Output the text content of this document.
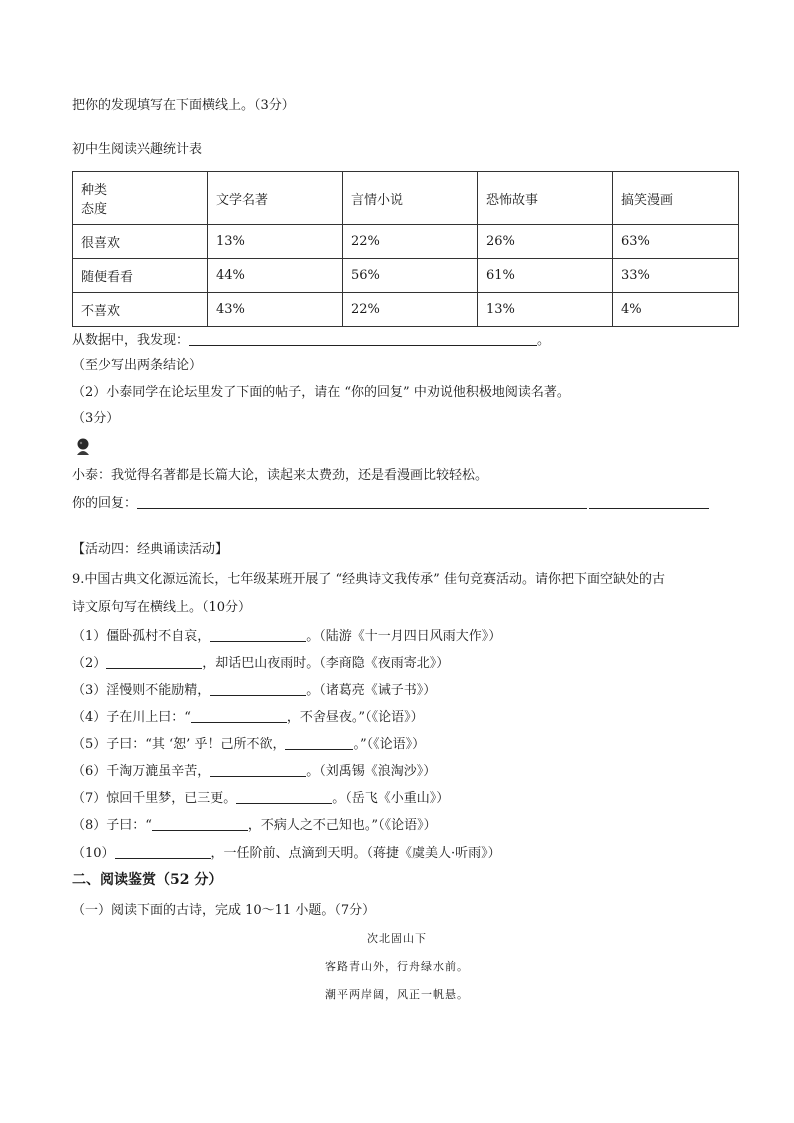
把你的发现填写在下面横线上。（3分）
初中生阅读兴趣统计表
种类
态度	文学名著	言情小说	恐怖故事	搞笑漫画
很喜欢	13%	22%	26%	63%
随便看看	44%	56%	61%	33%
不喜欢	43%	22%	13%	4%
从数据中，我发现：	。
（至少写出两条结论）
（2）小泰同学在论坛里发了下面的帖子，请在 “你的回复” 中劝说他积极地阅读名著。
（3分）
小泰：我觉得名著都是长篇大论，读起来太费劲，还是看漫画比较轻松。
你的回复：
【活动四：经典诵读活动】
9.中国古典文化源远流长，七年级某班开展了 “经典诗文我传承” 佳句竞赛活动。请你把下面空缺处的古
诗文原句写在横线上。（10分）
（1）僵卧孤村不自哀，	。（陆游《十一月四日风雨大作》）
（2）	，却话巴山夜雨时。（李商隐《夜雨寄北》）
（3）淫慢则不能励精，	。（诸葛亮《诫子书》）
（4）子在川上曰：“	，不舍昼夜。”（《论语》）
（5）子曰：“其 ‘恕’ 乎！己所不欲，	。”（《论语》）
（6）千淘万漉虽辛苦，	。（刘禹锡《浪淘沙》）
（7）惊回千里梦，已三更。	。（岳飞《小重山》）
（8）子曰：“	，不病人之不己知也。”（《论语》）
（10）	，一任阶前、点滴到天明。（蒋捷《虞美人·听雨》）
二、阅读鉴赏（52 分）
（一）阅读下面的古诗，完成 10～11 小题。（7分）
次北固山下
客路青山外，行舟绿水前。
潮平两岸阔，风正一帆悬。
